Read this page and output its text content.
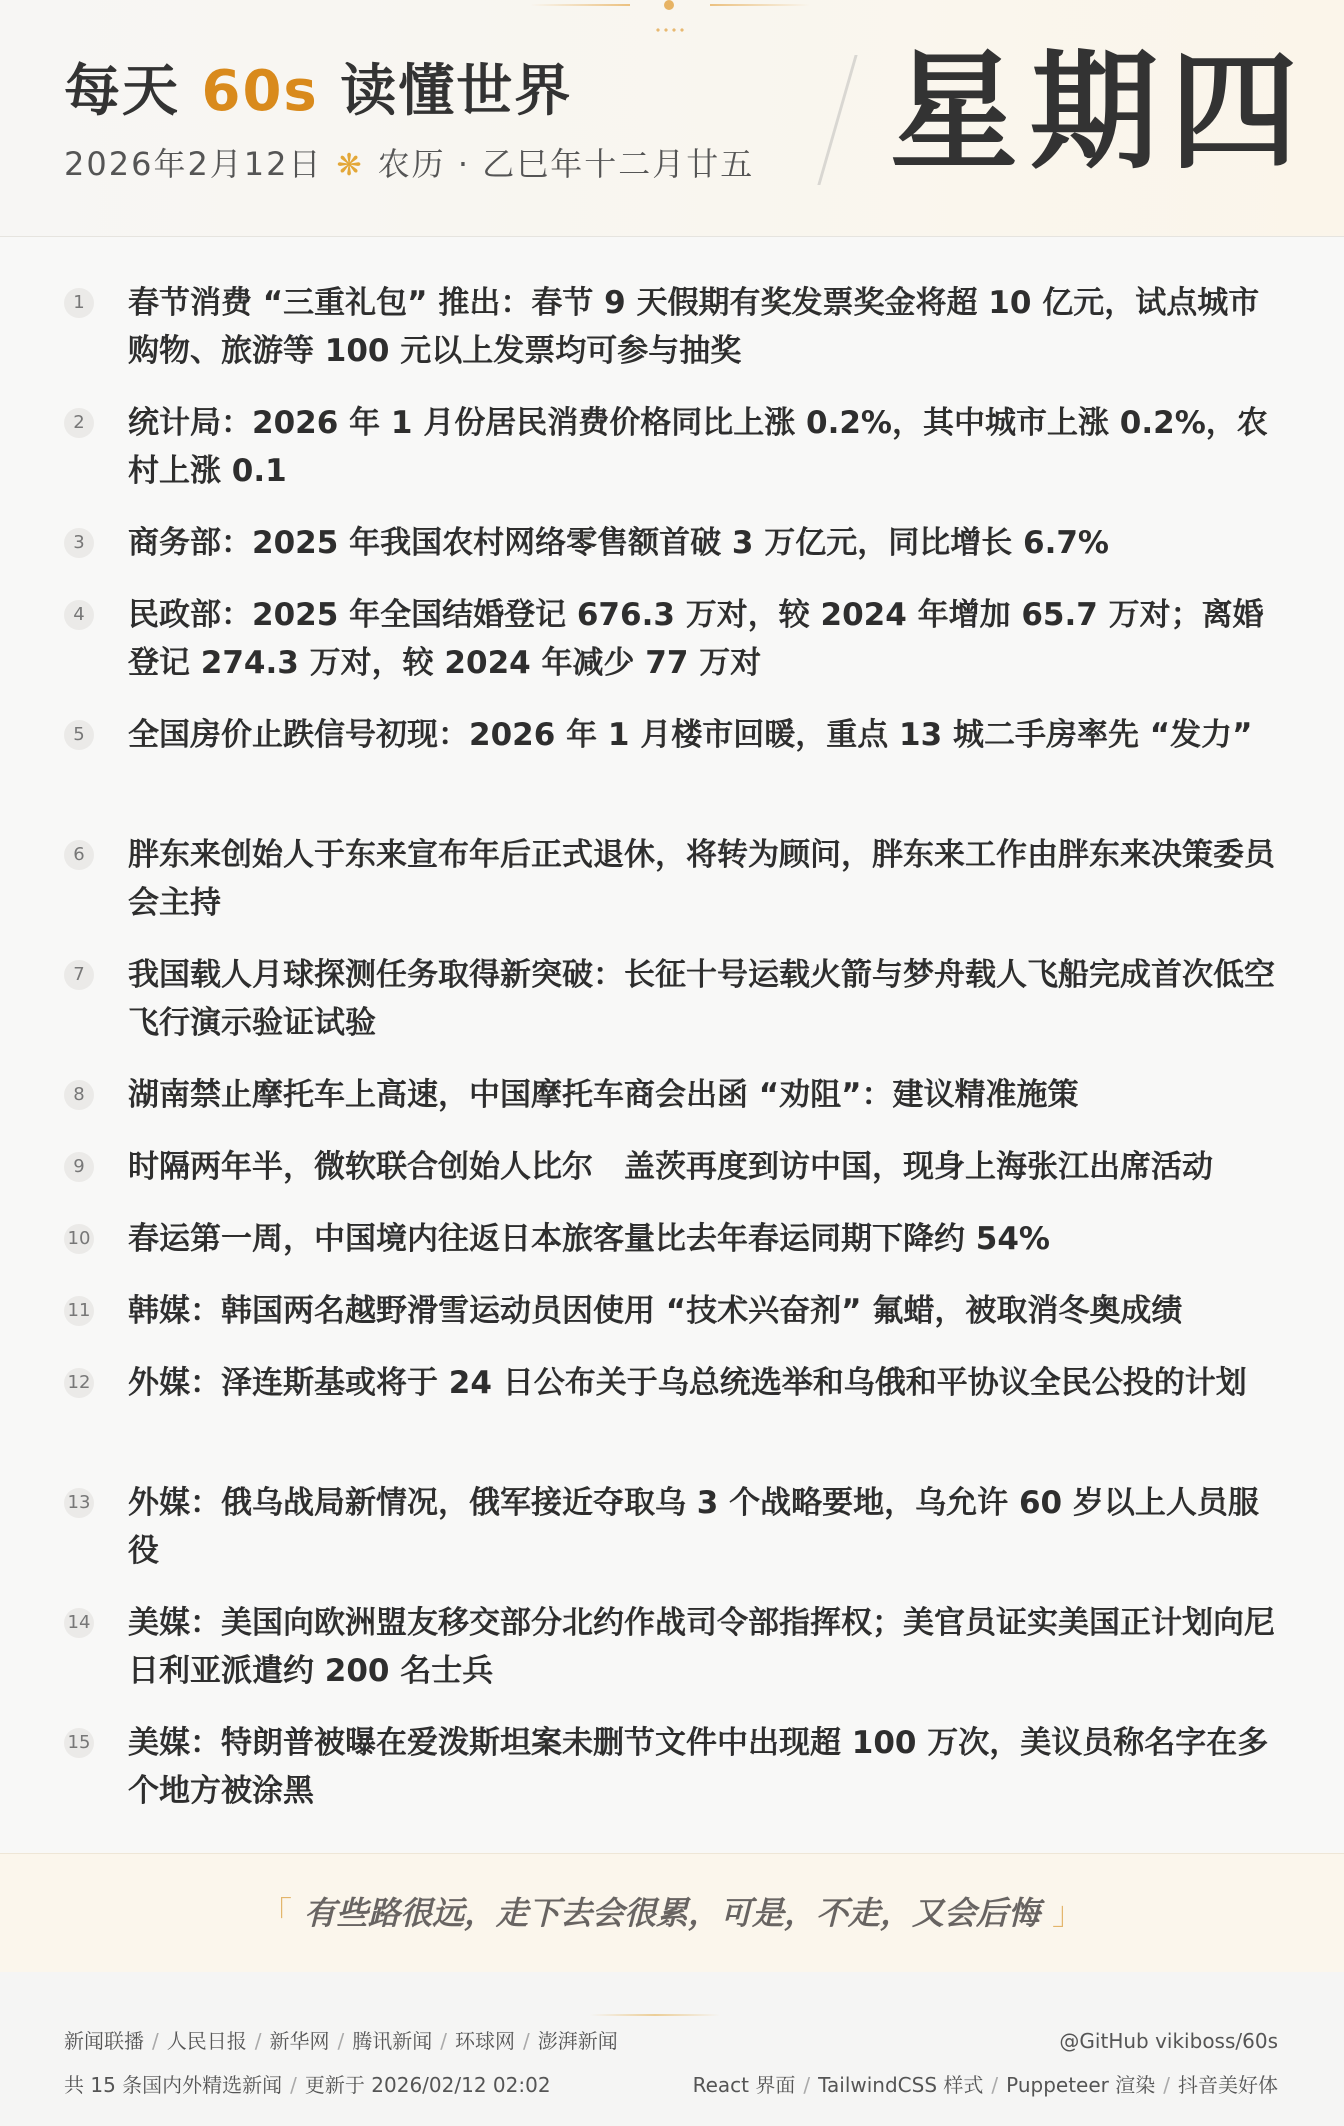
每天 60s 读懂世界
2026年2月12日 ❋ 农历 · 乙巳年十二月廿五 星期四
1 春节消费 “三重礼包” 推出：春节 9 天假期有奖发票奖金将超 10 亿元，试点城市购物、旅游等 100 元以上发票均可参与抽奖
2 统计局：2026 年 1 月份居民消费价格同比上涨 0.2%，其中城市上涨 0.2%，农村上涨 0.1
3 商务部：2025 年我国农村网络零售额首破 3 万亿元，同比增长 6.7%
4 民政部：2025 年全国结婚登记 676.3 万对，较 2024 年增加 65.7 万对；离婚登记 274.3 万对，较 2024 年减少 77 万对
5 全国房价止跌信号初现：2026 年 1 月楼市回暖，重点 13 城二手房率先 “发力”
6 胖东来创始人于东来宣布年后正式退休，将转为顾问，胖东来工作由胖东来决策委员会主持
7 我国载人月球探测任务取得新突破：长征十号运载火箭与梦舟载人飞船完成首次低空飞行演示验证试验
8 湖南禁止摩托车上高速，中国摩托车商会出函 “劝阻”：建议精准施策
9 时隔两年半，微软联合创始人比尔　盖茨再度到访中国，现身上海张江出席活动
10 春运第一周，中国境内往返日本旅客量比去年春运同期下降约 54%
11 韩媒：韩国两名越野滑雪运动员因使用 “技术兴奋剂” 氟蜡，被取消冬奥成绩
12 外媒：泽连斯基或将于 24 日公布关于乌总统选举和乌俄和平协议全民公投的计划
13 外媒：俄乌战局新情况，俄军接近夺取乌 3 个战略要地，乌允许 60 岁以上人员服役
14 美媒：美国向欧洲盟友移交部分北约作战司令部指挥权；美官员证实美国正计划向尼日利亚派遣约 200 名士兵
15 美媒：特朗普被曝在爱泼斯坦案未删节文件中出现超 100 万次，美议员称名字在多个地方被涂黑
「 有些路很远，走下去会很累，可是，不走，又会后悔 」
新闻联播 / 人民日报 / 新华网 / 腾讯新闻 / 环球网 / 澎湃新闻
共 15 条国内外精选新闻 / 更新于 2026/02/12 02:02
@GitHub vikiboss/60s
React 界面 / TailwindCSS 样式 / Puppeteer 渲染 / 抖音美好体
